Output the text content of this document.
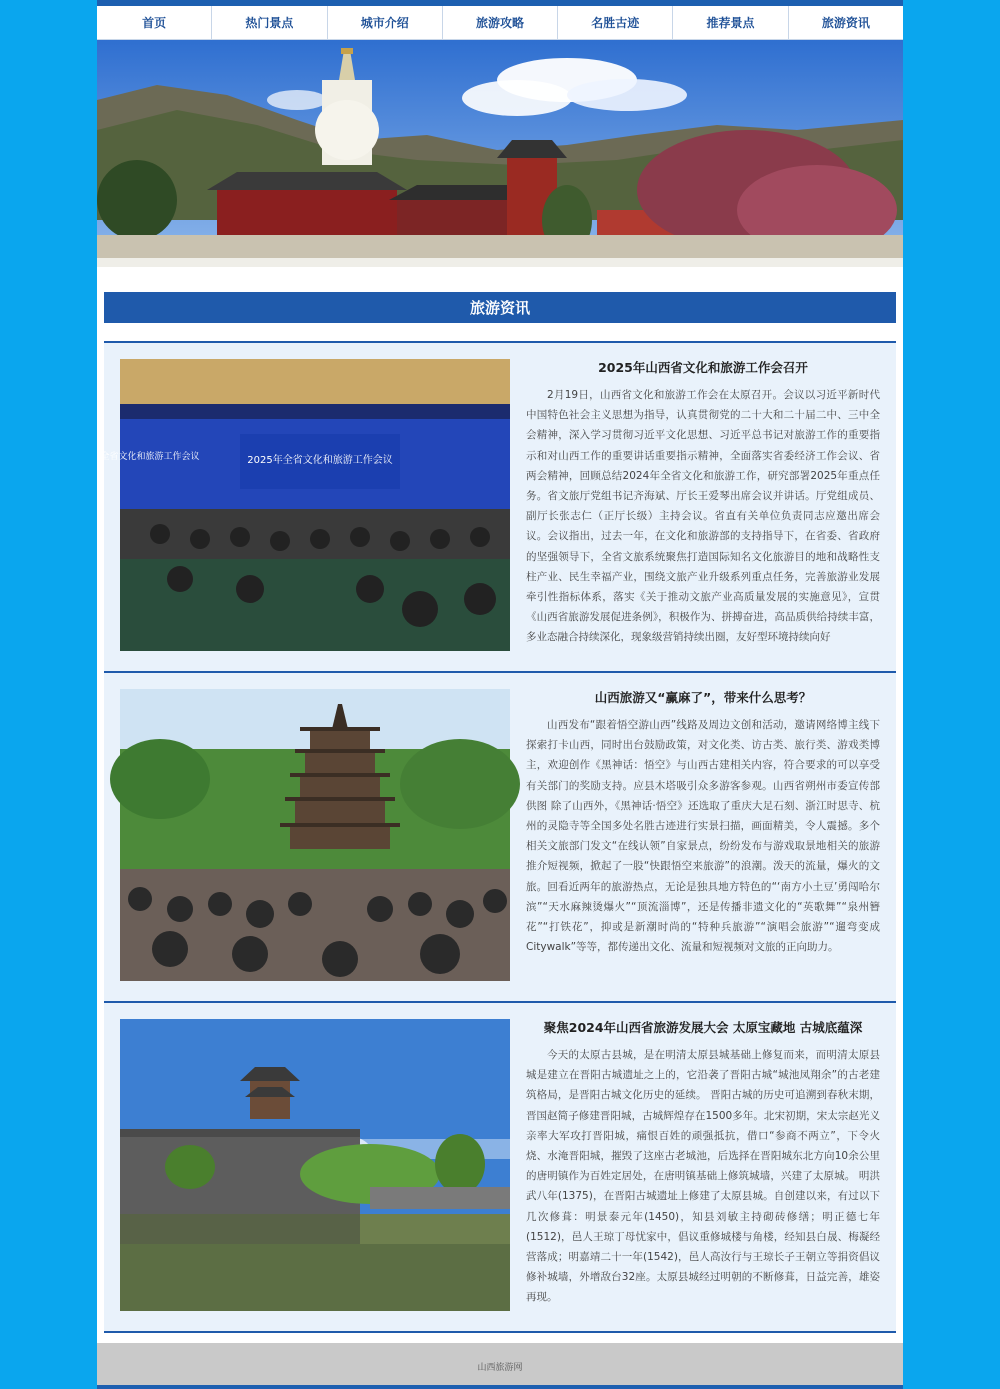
首页	热门景点	城市介绍	旅游攻略	名胜古迹	推荐景点	旅游资讯
旅游资讯
2025年全省文化和旅游工作会议
全省文化和旅游工作会议
2025年山西省文化和旅游工作会召开

2月19日，山西省文化和旅游工作会在太原召开。会议以习近平新时代中国特色社会主义思想为指导，认真贯彻党的二十大和二十届二中、三中全会精神，深入学习贯彻习近平文化思想、习近平总书记对旅游工作的重要指示和对山西工作的重要讲话重要指示精神，全面落实省委经济工作会议、省两会精神，回顾总结2024年全省文化和旅游工作，研究部署2025年重点任务。省文旅厅党组书记齐海斌、厅长王爱琴出席会议并讲话。厅党组成员、副厅长张志仁（正厅长级）主持会议。省直有关单位负责同志应邀出席会议。会议指出，过去一年，在文化和旅游部的支持指导下，在省委、省政府的坚强领导下，全省文旅系统聚焦打造国际知名文化旅游目的地和战略性支柱产业、民生幸福产业，围绕文旅产业升级系列重点任务，完善旅游业发展牵引性指标体系，落实《关于推动文旅产业高质量发展的实施意见》，宣贯《山西省旅游发展促进条例》，积极作为、拼搏奋进，高品质供给持续丰富，多业态融合持续深化，现象级营销持续出圈，友好型环境持续向好

山西旅游又“赢麻了”，带来什么思考？

山西发布“跟着悟空游山西”线路及周边文创和活动，邀请网络博主线下探索打卡山西，同时出台鼓励政策，对文化类、访古类、旅行类、游戏类博主，欢迎创作《黑神话：悟空》与山西古建相关内容，符合要求的可以享受有关部门的奖励支持。应县木塔吸引众多游客参观。山西省朔州市委宣传部供图 除了山西外，《黑神话·悟空》还选取了重庆大足石刻、浙江时思寺、杭州的灵隐寺等全国多处名胜古迹进行实景扫描，画面精美，令人震撼。多个相关文旅部门发文“在线认领”自家景点，纷纷发布与游戏取景地相关的旅游推介短视频，掀起了一股“快跟悟空来旅游”的浪潮。泼天的流量，爆火的文旅。回看近两年的旅游热点，无论是独具地方特色的“‘南方小土豆’勇闯哈尔滨”“天水麻辣烫爆火”“顶流淄博”，还是传播非遗文化的“英歌舞”“泉州簪花”“打铁花”，抑或是新潮时尚的“特种兵旅游”“演唱会旅游”“遛弯变成Citywalk”等等，都传递出文化、流量和短视频对文旅的正向助力。

聚焦2024年山西省旅游发展大会 太原宝藏地 古城底蕴深

今天的太原古县城，是在明清太原县城基础上修复而来，而明清太原县城是建立在晋阳古城遗址之上的，它沿袭了晋阳古城“城池凤翔余”的古老建筑格局，是晋阳古城文化历史的延续。 晋阳古城的历史可追溯到春秋末期，晋国赵简子修建晋阳城，古城辉煌存在1500多年。北宋初期，宋太宗赵光义亲率大军攻打晋阳城，痛恨百姓的顽强抵抗，借口“参商不两立”，下令火烧、水淹晋阳城，摧毁了这座古老城池，后选择在晋阳城东北方向10余公里的唐明镇作为百姓定居处，在唐明镇基础上修筑城墙，兴建了太原城。 明洪武八年(1375)，在晋阳古城遗址上修建了太原县城。自创建以来，有过以下几次修葺：明景泰元年(1450)，知县刘敏主持砌砖修缮；明正德七年(1512)，邑人王琼丁母忧家中，倡议重修城楼与角楼，经知县白晟、梅凝经营落成；明嘉靖二十一年(1542)，邑人高汝行与王琼长子王朝立等捐资倡议修补城墙，外增敌台32座。太原县城经过明朝的不断修葺，日益完善，雄姿再现。

山西旅游网
